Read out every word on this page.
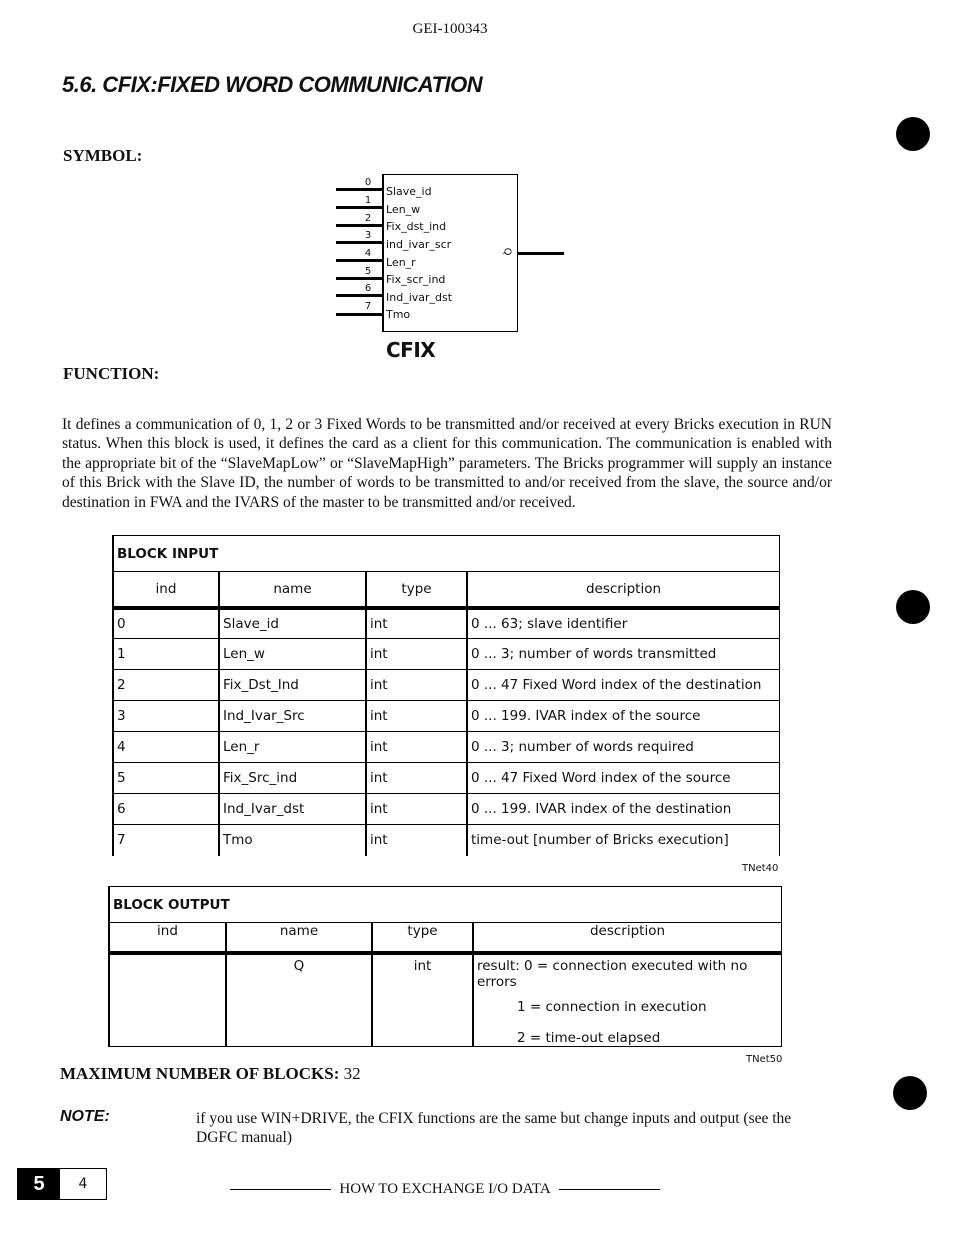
GEI-100343
5.6. CFIX:FIXED WORD COMMUNICATION
SYMBOL:
0
1
2
3
4
5
6
7
Slave_id
Len_w
Fix_dst_ind
ind_ivar_scr
Len_r
Fix_scr_ind
Ind_ivar_dst
Tmo
Q
CFIX
FUNCTION:
It defines a communication of 0, 1, 2 or 3 Fixed Words to be transmitted and/or received at every Bricks execution in RUN status. When this block is used, it defines the card as a client for this communication. The communication is enabled with the appropriate bit of the “SlaveMapLow” or “SlaveMapHigh” parameters. The Bricks programmer will supply an instance of this Brick with the Slave ID, the number of words to be transmitted to and/or received from the slave, the source and/or destination in FWA and the IVARS of the master to be transmitted and/or received.
BLOCK INPUT			
ind	name	type	description
0	Slave_id	int	0 ... 63; slave identifier
1	Len_w	int	0 ... 3; number of words transmitted
2	Fix_Dst_Ind	int	0 ... 47 Fixed Word index of the destination
3	Ind_Ivar_Src	int	0 ... 199. IVAR index of the source
4	Len_r	int	0 ... 3; number of words required
5	Fix_Src_ind	int	0 ... 47 Fixed Word index of the source
6	Ind_Ivar_dst	int	0 ... 199. IVAR index of the destination
7	Tmo	int	time-out [number of Bricks execution]
TNet40
BLOCK OUTPUT			
ind	name	type	description
	Q	int	result: 0 = connection executed with no errors
1 = connection in execution
2 = time-out elapsed
TNet50
MAXIMUM NUMBER OF BLOCKS: 32
NOTE:	if you use WIN+DRIVE, the CFIX functions are the same but change inputs and output (see the DGFC manual)
5	4	HOW TO EXCHANGE I/O DATA
